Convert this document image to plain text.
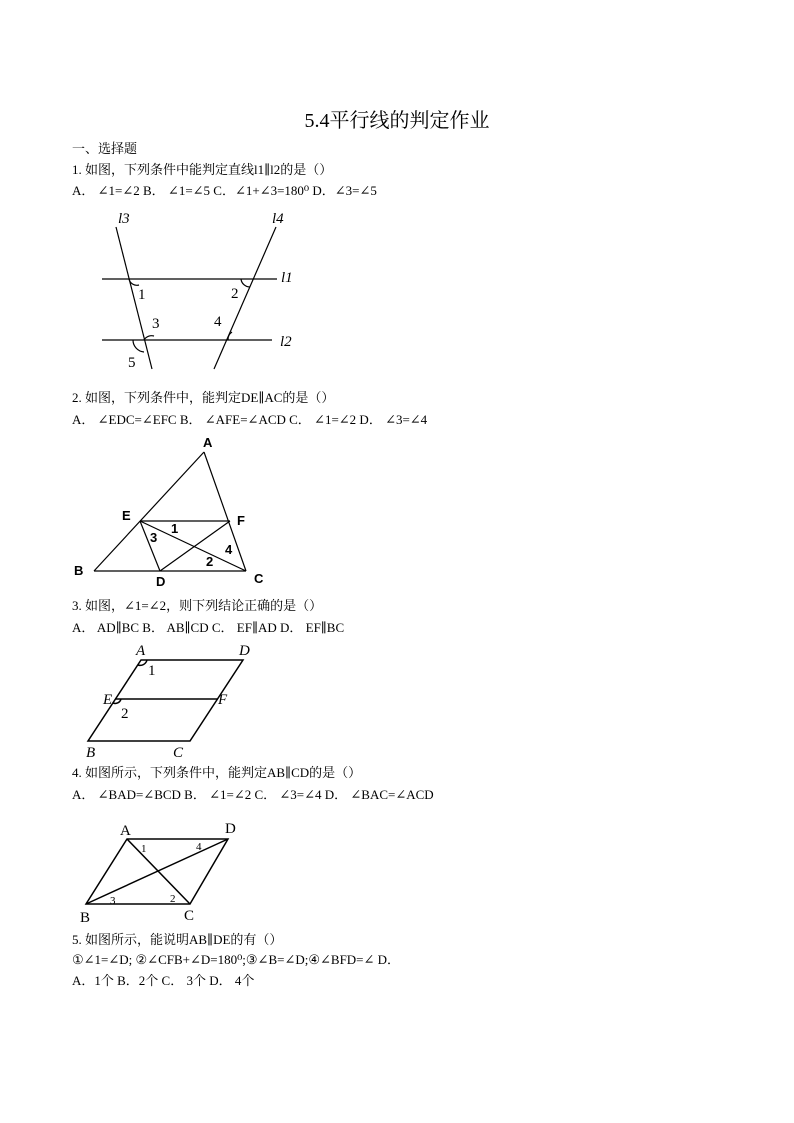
5.4平行线的判定作业
一、选择题
1. 如图，下列条件中能判定直线l1∥l2的是（）
A． ∠1=∠2 B． ∠1=∠5 C．∠1+∠3=180⁰ D．∠3=∠5
l3	l4
l1
l2
1	2
3	4
5
2. 如图，下列条件中，能判定DE∥AC的是（）
A． ∠EDC=∠EFC B． ∠AFE=∠ACD C． ∠1=∠2 D． ∠3=∠4
A
E	F
1
3
4
2
B
D	C
3. 如图，∠1=∠2，则下列结论正确的是（）
A． AD∥BC B． AB∥CD C． EF∥AD D． EF∥BC
A	D
1
E	F
2
B	C
4. 如图所示，下列条件中，能判定AB∥CD的是（）
A． ∠BAD=∠BCD B． ∠1=∠2 C． ∠3=∠4 D． ∠BAC=∠ACD
A	D
1	4
3	2
B	C
5. 如图所示，能说明AB∥DE的有（）
①∠1=∠D; ②∠CFB+∠D=180⁰;③∠B=∠D;④∠BFD=∠ D．
A．1个 B．2个 C． 3个 D． 4个
